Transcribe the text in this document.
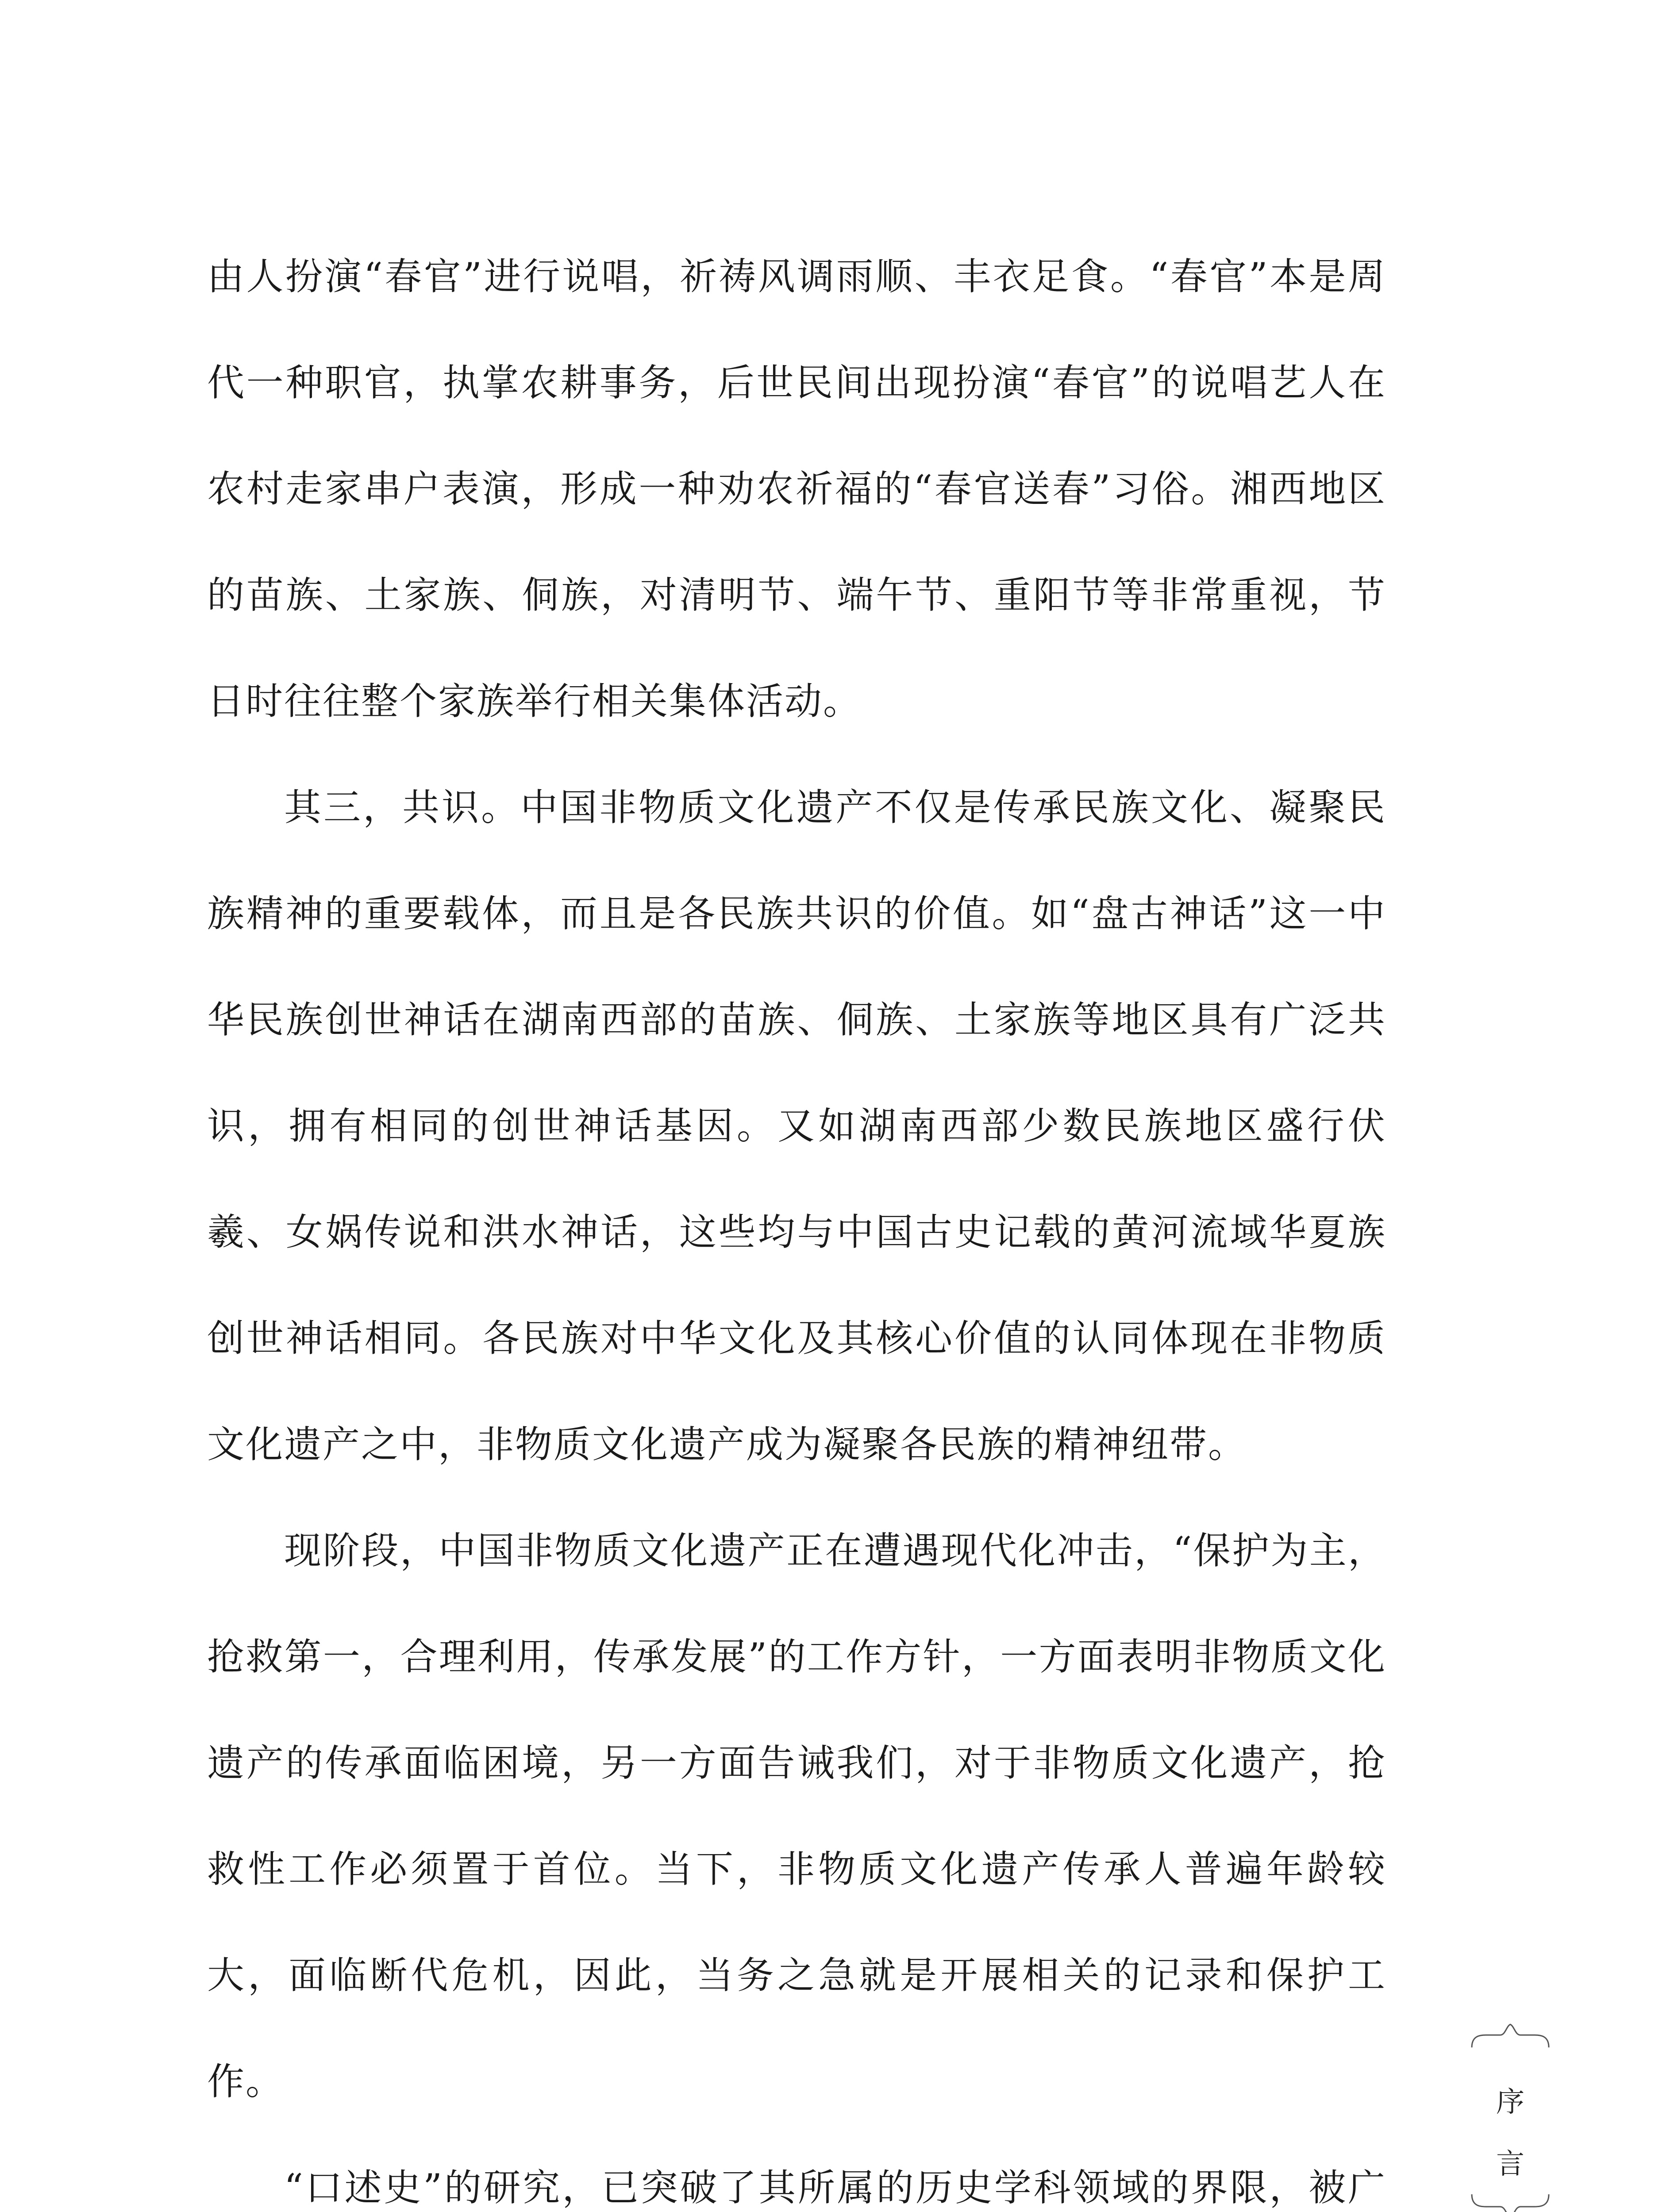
由人扮演“春官”进行说唱，祈祷风调雨顺、丰衣足食。“春官”本是周代一种职官，执掌农耕事务，后世民间出现扮演“春官”的说唱艺人在农村走家串户表演，形成一种劝农祈福的“春官送春”习俗。湘西地区的苗族、土家族、侗族，对清明节、端午节、重阳节等非常重视，节日时往往整个家族举行相关集体活动。

其三，共识。中国非物质文化遗产不仅是传承民族文化、凝聚民族精神的重要载体，而且是各民族共识的价值。如“盘古神话”这一中华民族创世神话在湖南西部的苗族、侗族、土家族等地区具有广泛共识，拥有相同的创世神话基因。又如湖南西部少数民族地区盛行伏羲、女娲传说和洪水神话，这些均与中国古史记载的黄河流域华夏族创世神话相同。各民族对中华文化及其核心价值的认同体现在非物质文化遗产之中，非物质文化遗产成为凝聚各民族的精神纽带。

现阶段，中国非物质文化遗产正在遭遇现代化冲击，“保护为主，抢救第一，合理利用，传承发展”的工作方针，一方面表明非物质文化遗产的传承面临困境，另一方面告诫我们，对于非物质文化遗产，抢救性工作必须置于首位。当下，非物质文化遗产传承人普遍年龄较大，面临断代危机，因此，当务之急就是开展相关的记录和保护工作。

“口述史”的研究，已突破了其所属的历史学科领域的界限，被广

序
言
